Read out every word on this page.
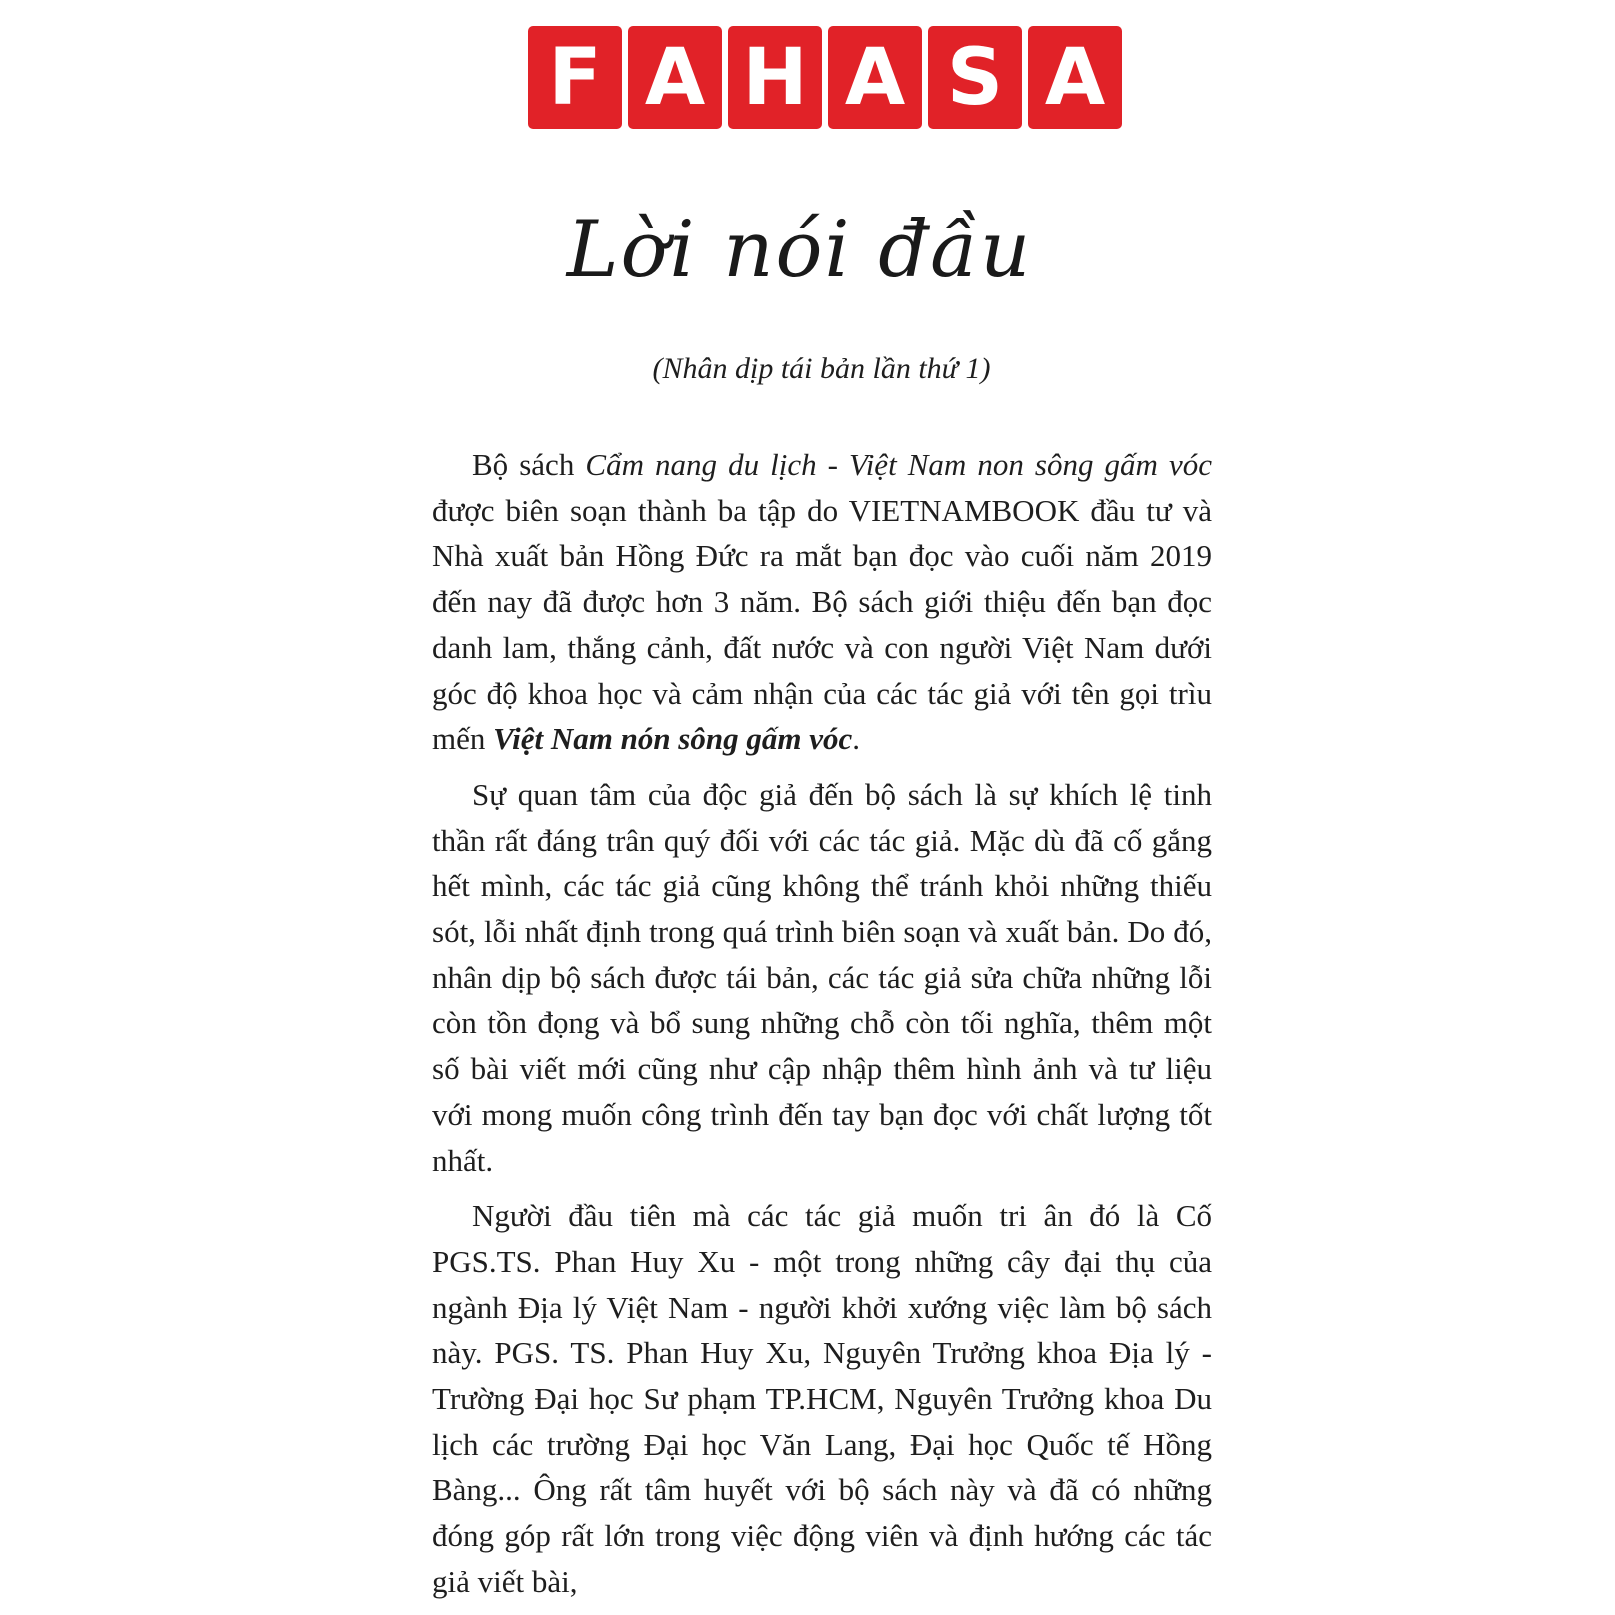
F A H A S A
Lời nói đầu
(Nhân dịp tái bản lần thứ 1)

Bộ sách Cẩm nang du lịch - Việt Nam non sông gấm vóc được biên soạn thành ba tập do VIETNAMBOOK đầu tư và Nhà xuất bản Hồng Đức ra mắt bạn đọc vào cuối năm 2019 đến nay đã được hơn 3 năm. Bộ sách giới thiệu đến bạn đọc danh lam, thắng cảnh, đất nước và con người Việt Nam dưới góc độ khoa học và cảm nhận của các tác giả với tên gọi trìu mến Việt Nam nón sông gấm vóc.

Sự quan tâm của độc giả đến bộ sách là sự khích lệ tinh thần rất đáng trân quý đối với các tác giả. Mặc dù đã cố gắng hết mình, các tác giả cũng không thể tránh khỏi những thiếu sót, lỗi nhất định trong quá trình biên soạn và xuất bản. Do đó, nhân dịp bộ sách được tái bản, các tác giả sửa chữa những lỗi còn tồn đọng và bổ sung những chỗ còn tối nghĩa, thêm một số bài viết mới cũng như cập nhập thêm hình ảnh và tư liệu với mong muốn công trình đến tay bạn đọc với chất lượng tốt nhất.

Người đầu tiên mà các tác giả muốn tri ân đó là Cố PGS.TS. Phan Huy Xu - một trong những cây đại thụ của ngành Địa lý Việt Nam - người khởi xướng việc làm bộ sách này. PGS. TS. Phan Huy Xu, Nguyên Trưởng khoa Địa lý - Trường Đại học Sư phạm TP.HCM, Nguyên Trưởng khoa Du lịch các trường Đại học Văn Lang, Đại học Quốc tế Hồng Bàng... Ông rất tâm huyết với bộ sách này và đã có những đóng góp rất lớn trong việc động viên và định hướng các tác giả viết bài,
